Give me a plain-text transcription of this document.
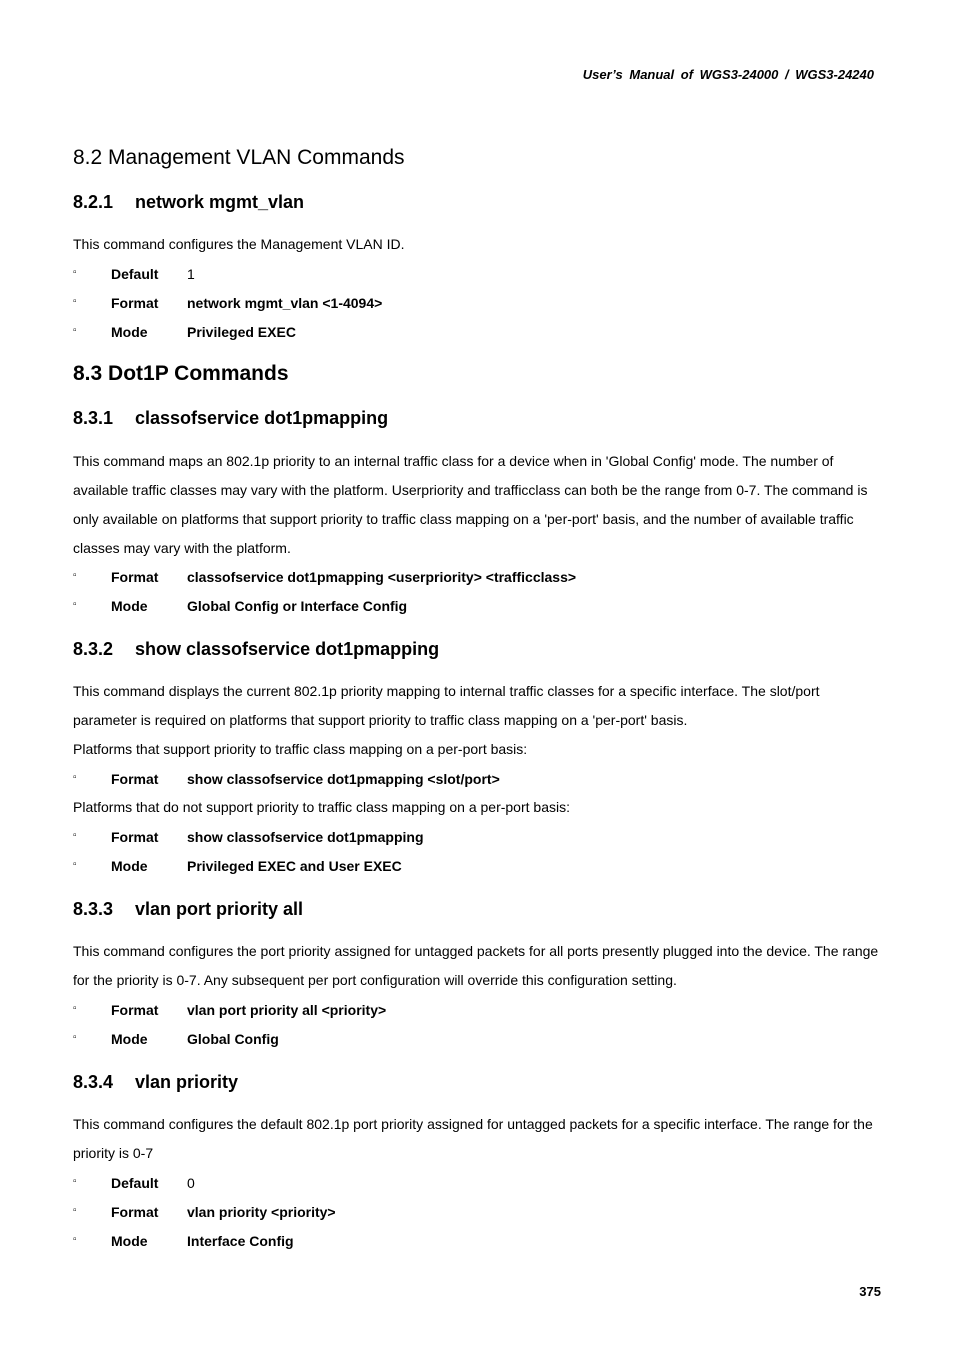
User’s Manual of WGS3-24000 / WGS3-24240
8.2 Management VLAN Commands
8.2.1 network mgmt_vlan

This command configures the Management VLAN ID.

▫ Default 1
▫ Format network mgmt_vlan <1-4094>
▫ Mode	Privileged EXEC
8.3 Dot1P Commands
8.3.1 classofservice dot1pmapping

This command maps an 802.1p priority to an internal traffic class for a device when in 'Global Config' mode. The number of available traffic classes may vary with the platform. Userpriority and trafficclass can both be the range from 0-7. The command is only available on platforms that support priority to traffic class mapping on a 'per-port' basis, and the number of available traffic classes may vary with the platform.

▫ Format classofservice dot1pmapping <userpriority> <trafficclass>
▫ Mode	Global Config or Interface Config
8.3.2 show classofservice dot1pmapping

This command displays the current 802.1p priority mapping to internal traffic classes for a specific interface. The slot/port parameter is required on platforms that support priority to traffic class mapping on a 'per-port' basis.

Platforms that support priority to traffic class mapping on a per-port basis:

▫ Format show classofservice dot1pmapping <slot/port>

Platforms that do not support priority to traffic class mapping on a per-port basis:

▫ Format show classofservice dot1pmapping
▫ Mode	Privileged EXEC and User EXEC
8.3.3 vlan port priority all

This command configures the port priority assigned for untagged packets for all ports presently plugged into the device. The range for the priority is 0-7. Any subsequent per port configuration will override this configuration setting.

▫ Format vlan port priority all <priority>
▫ Mode	Global Config
8.3.4 vlan priority

This command configures the default 802.1p port priority assigned for untagged packets for a specific interface. The range for the priority is 0-7

▫ Default 0
▫ Format vlan priority <priority>
▫ Mode	Interface Config
375
